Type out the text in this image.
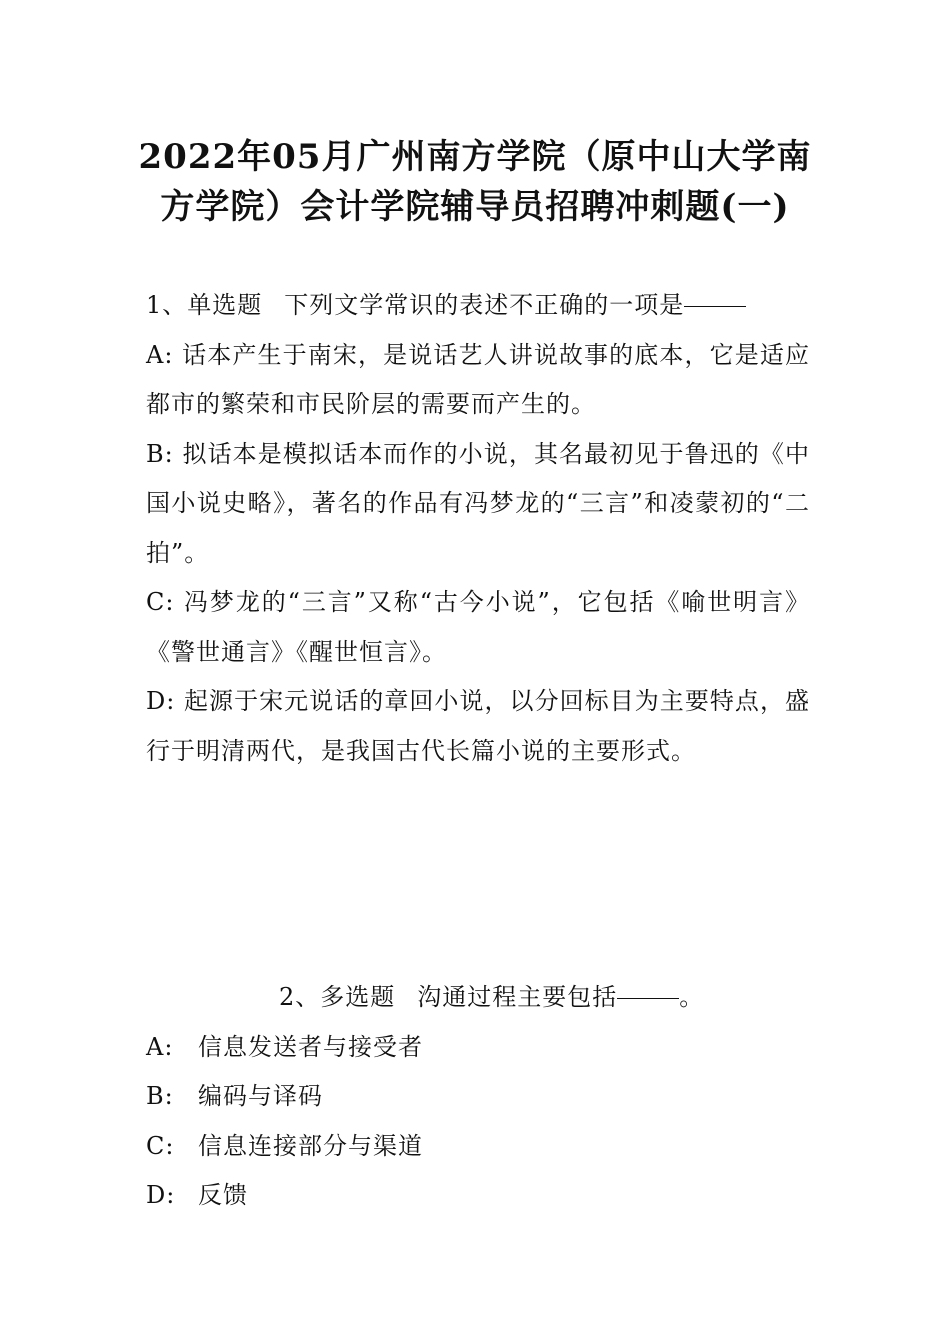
2022年05月广州南方学院（原中山大学南
方学院）会计学院辅导员招聘冲刺题(一)
1、单选题 下列文学常识的表述不正确的一项是
A: 话本产生于南宋，是说话艺人讲说故事的底本，它是适应都市的繁荣和市民阶层的需要而产生的。
B: 拟话本是模拟话本而作的小说，其名最初见于鲁迅的《中国小说史略》，著名的作品有冯梦龙的“三言”和凌蒙初的“二拍”。
C: 冯梦龙的“三言”又称“古今小说”，它包括《喻世明言》《警世通言》《醒世恒言》。
D: 起源于宋元说话的章回小说，以分回标目为主要特点，盛行于明清两代，是我国古代长篇小说的主要形式。
2、多选题 沟通过程主要包括	。
A:	信息发送者与接受者
B:	编码与译码
C: 信息连接部分与渠道
D: 反馈
